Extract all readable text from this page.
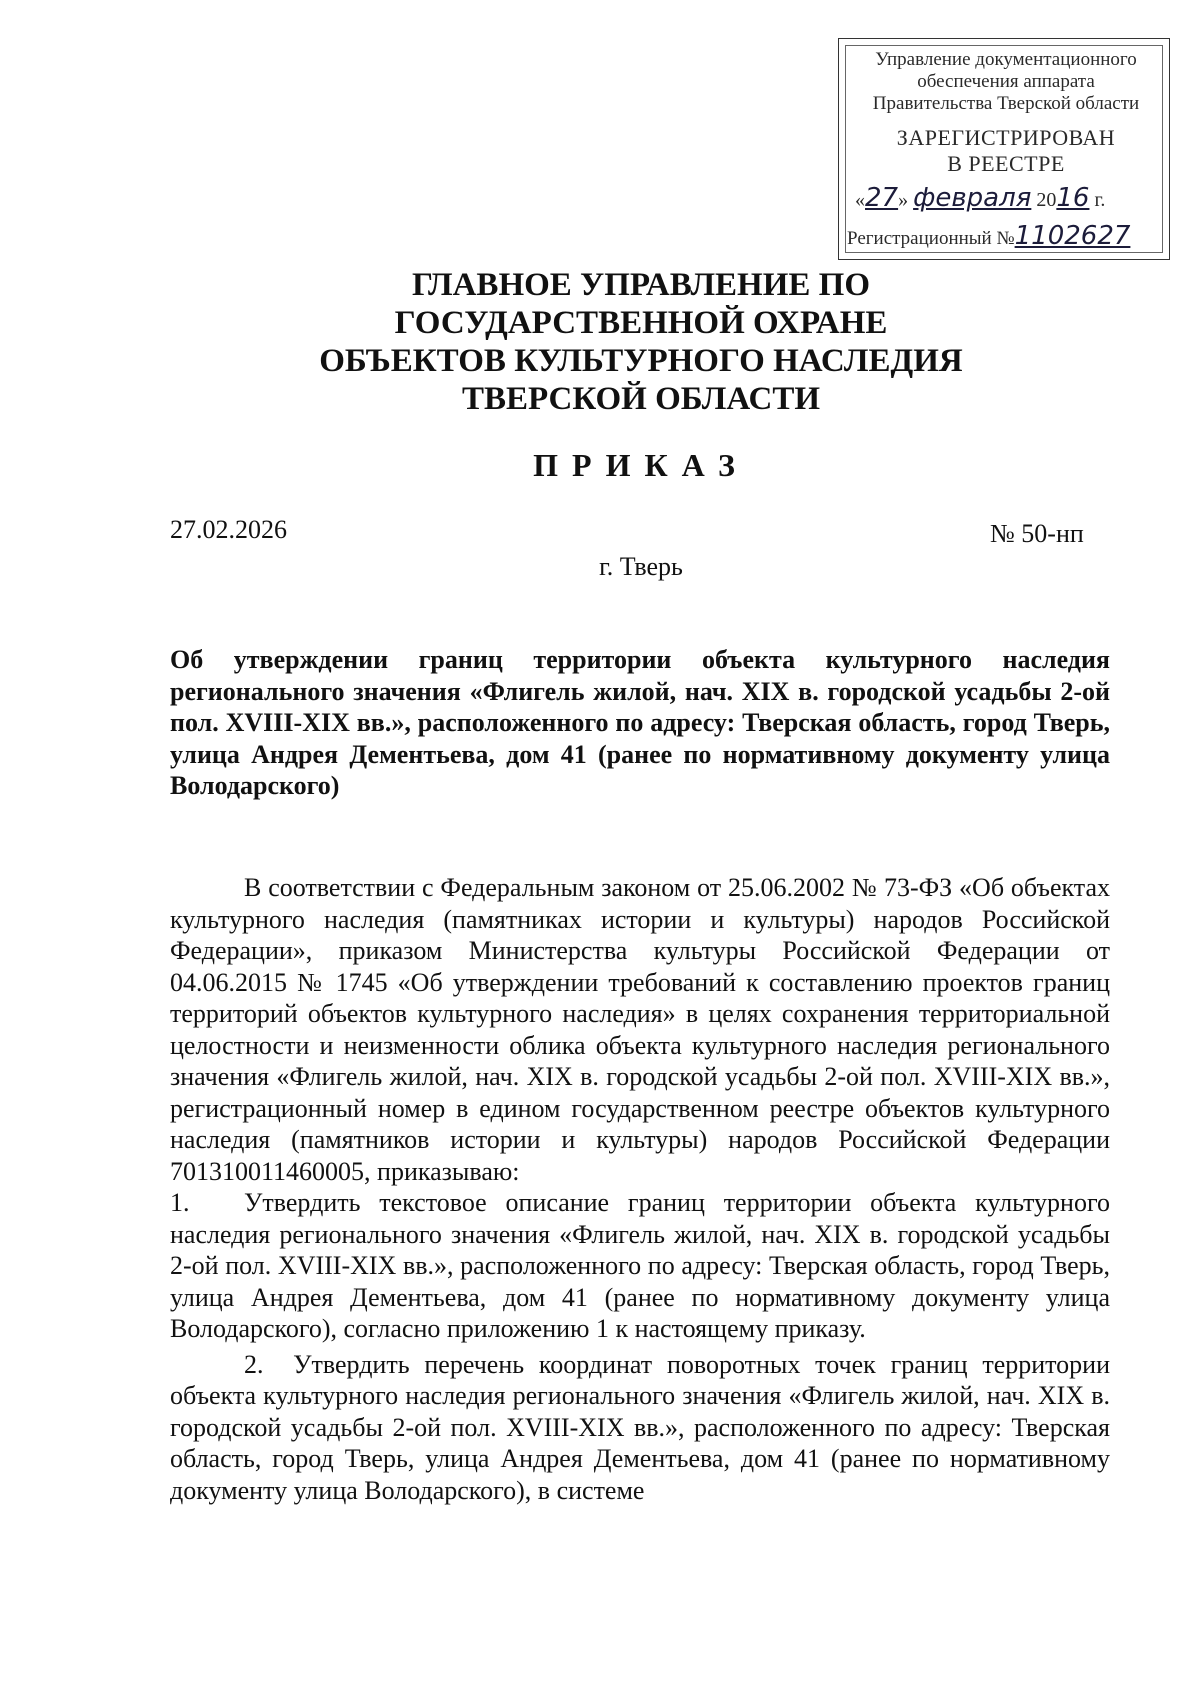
Управление документационного
обеспечения аппарата
Правительства Тверской области
ЗАРЕГИСТРИРОВАН
В РЕЕСТРЕ
«27» февраля 2016 г.
Регистрационный №1102627
ГЛАВНОЕ УПРАВЛЕНИЕ ПО
ГОСУДАРСТВЕННОЙ ОХРАНЕ
ОБЪЕКТОВ КУЛЬТУРНОГО НАСЛЕДИЯ
ТВЕРСКОЙ ОБЛАСТИ
ПРИКАЗ
27.02.2026	№ 50-нп
г. Тверь
Об утверждении границ территории объекта культурного наследия регионального значения «Флигель жилой, нач. XIX в. городской усадьбы 2-ой пол. XVIII-XIX вв.», расположенного по адресу: Тверская область, город Тверь, улица Андрея Дементьева, дом 41 (ранее по нормативному документу улица Володарского)

В соответствии с Федеральным законом от 25.06.2002 № 73-ФЗ «Об объектах культурного наследия (памятниках истории и культуры) народов Российской Федерации», приказом Министерства культуры Российской Федерации от 04.06.2015 № 1745 «Об утверждении требований к составлению проектов границ территорий объектов культурного наследия» в целях сохранения территориальной целостности и неизменности облика объекта культурного наследия регионального значения «Флигель жилой, нач. XIX в. городской усадьбы 2-ой пол. XVIII-XIX вв.», регистрационный номер в едином государственном реестре объектов культурного наследия (памятников истории и культуры) народов Российской Федерации 701310011460005, приказываю:

1. Утвердить текстовое описание границ территории объекта культурного наследия регионального значения «Флигель жилой, нач. XIX в. городской усадьбы 2-ой пол. XVIII-XIX вв.», расположенного по адресу: Тверская область, город Тверь, улица Андрея Дементьева, дом 41 (ранее по нормативному документу улица Володарского), согласно приложению 1 к настоящему приказу.

2. Утвердить перечень координат поворотных точек границ территории объекта культурного наследия регионального значения «Флигель жилой, нач. XIX в. городской усадьбы 2-ой пол. XVIII-XIX вв.», расположенного по адресу: Тверская область, город Тверь, улица Андрея Дементьева, дом 41 (ранее по нормативному документу улица Володарского), в системе
